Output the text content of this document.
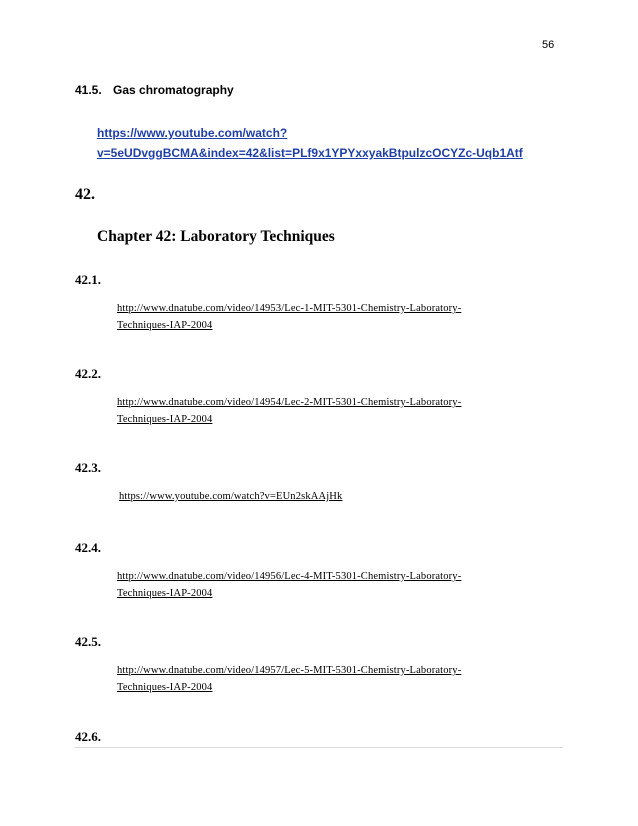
56
41.5. Gas chromatography
https://www.youtube.com/watch?
v=5eUDvggBCMA&index=42&list=PLf9x1YPYxxyakBtpulzcOCYZc-Uqb1Atf
42.
Chapter 42: Laboratory Techniques
42.1.
http://www.dnatube.com/video/14953/Lec-1-MIT-5301-Chemistry-Laboratory-
Techniques-IAP-2004
42.2.
http://www.dnatube.com/video/14954/Lec-2-MIT-5301-Chemistry-Laboratory-
Techniques-IAP-2004
42.3.
https://www.youtube.com/watch?v=EUn2skAAjHk
42.4.
http://www.dnatube.com/video/14956/Lec-4-MIT-5301-Chemistry-Laboratory-
Techniques-IAP-2004
42.5.
http://www.dnatube.com/video/14957/Lec-5-MIT-5301-Chemistry-Laboratory-
Techniques-IAP-2004
42.6.
